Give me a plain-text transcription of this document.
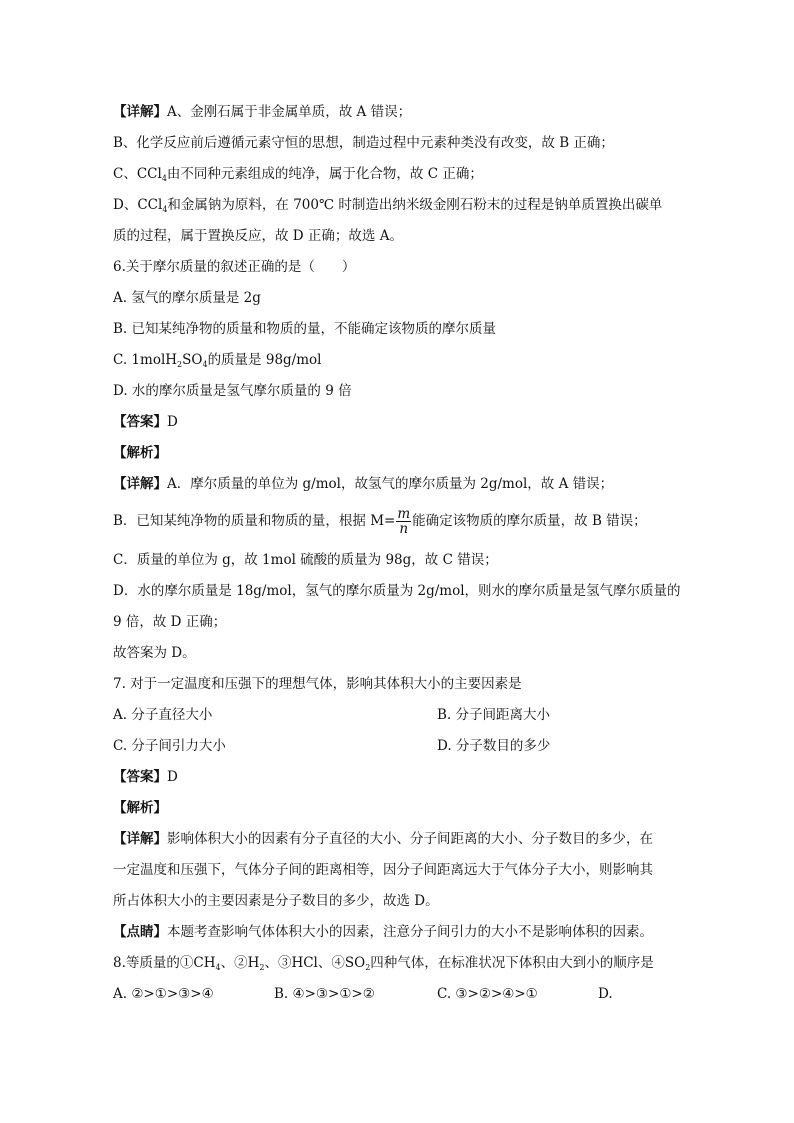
【详解】A、金刚石属于非金属单质，故 A 错误；
B、化学反应前后遵循元素守恒的思想，制造过程中元素种类没有改变，故 B 正确；
C、CCl$_4$由不同种元素组成的纯净，属于化合物，故 C 正确；
D、CCl$_4$和金属钠为原料，在 700℃ 时制造出纳米级金刚石粉末的过程是钠单质置换出碳单
质的过程，属于置换反应，故 D 正确；故选 A。
6.关于摩尔质量的叙述正确的是（　　）
A. 氢气的摩尔质量是 2g
B. 已知某纯净物的质量和物质的量，不能确定该物质的摩尔质量
C. $1molH_2SO_4$的质量是 98g/mol
D. 水的摩尔质量是氢气摩尔质量的 9 倍
【答案】D
【解析】
【详解】A．摩尔质量的单位为 g/mol，故氢气的摩尔质量为 2g/mol，故 A 错误；
B．已知某纯净物的质量和物质的量，根据 $M= \frac{m}{n}$ 能确定该物质的摩尔质量，故 B 错误；
C．质量的单位为 g，故 1mol 硫酸的质量为 98g，故 C 错误；
D．水的摩尔质量是 18g/mol，氢气的摩尔质量为 2g/mol，则水的摩尔质量是氢气摩尔质量的
9 倍，故 D 正确；
故答案为 D。
7. 对于一定温度和压强下的理想气体，影响其体积大小的主要因素是
A. 分子直径大小	B. 分子间距离大小
C. 分子间引力大小	D. 分子数目的多少
【答案】D
【解析】
【详解】影响体积大小的因素有分子直径的大小、分子间距离的大小、分子数目的多少，在
一定温度和压强下，气体分子间的距离相等，因分子间距离远大于气体分子大小，则影响其
所占体积大小的主要因素是分子数目的多少，故选 D。
【点睛】本题考查影响气体体积大小的因素，注意分子间引力的大小不是影响体积的因素。
8.等质量的$①CH_4$、$②H_2$、③HCl、$④SO_2$四种气体，在标准状况下体积由大到小的顺序是
A. ②>①>③>④	B. ④>③>①>②	C. ③>②>④>①	D.
